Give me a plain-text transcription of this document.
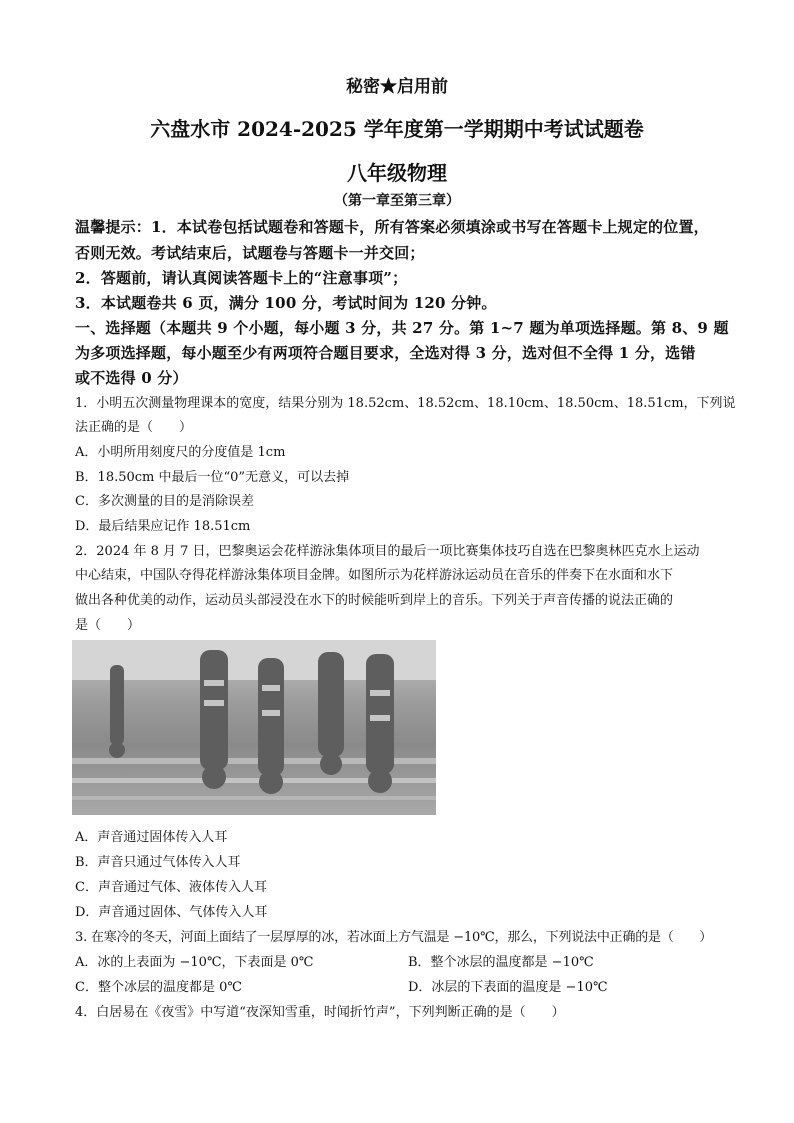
秘密★启用前
六盘水市 2024-2025 学年度第一学期期中考试试题卷
八年级物理
（第一章至第三章）
温馨提示：1．本试卷包括试题卷和答题卡，所有答案必须填涂或书写在答题卡上规定的位置，
否则无效。考试结束后，试题卷与答题卡一并交回；
2．答题前，请认真阅读答题卡上的“注意事项”；
3．本试题卷共 6 页，满分 100 分，考试时间为 120 分钟。
一、选择题（本题共 9 个小题，每小题 3 分，共 27 分。第 1~7 题为单项选择题。第 8、9 题
为多项选择题，每小题至少有两项符合题目要求，全选对得 3 分，选对但不全得 1 分，选错
或不选得 0 分）
1．小明五次测量物理课本的宽度，结果分别为 18.52cm、18.52cm、18.10cm、18.50cm、18.51cm，下列说
法正确的是（　　）
A．小明所用刻度尺的分度值是 1cm
B．18.50cm 中最后一位“0”无意义，可以去掉
C．多次测量的目的是消除误差
D．最后结果应记作 18.51cm
2．2024 年 8 月 7 日，巴黎奥运会花样游泳集体项目的最后一项比赛集体技巧自选在巴黎奥林匹克水上运动
中心结束，中国队夺得花样游泳集体项目金牌。如图所示为花样游泳运动员在音乐的伴奏下在水面和水下
做出各种优美的动作，运动员头部浸没在水下的时候能听到岸上的音乐。下列关于声音传播的说法正确的
是（　　）
A．声音通过固体传入人耳
B．声音只通过气体传入人耳
C．声音通过气体、液体传入人耳
D．声音通过固体、气体传入人耳
3. 在寒冷的冬天，河面上面结了一层厚厚的冰，若冰面上方气温是 −10℃，那么，下列说法中正确的是（　　）
A．冰的上表面为 −10℃，下表面是 0℃	B．整个冰层的温度都是 −10℃
C．整个冰层的温度都是 0℃	D．冰层的下表面的温度是 −10℃
4．白居易在《夜雪》中写道“夜深知雪重，时闻折竹声”，下列判断正确的是（　　）
